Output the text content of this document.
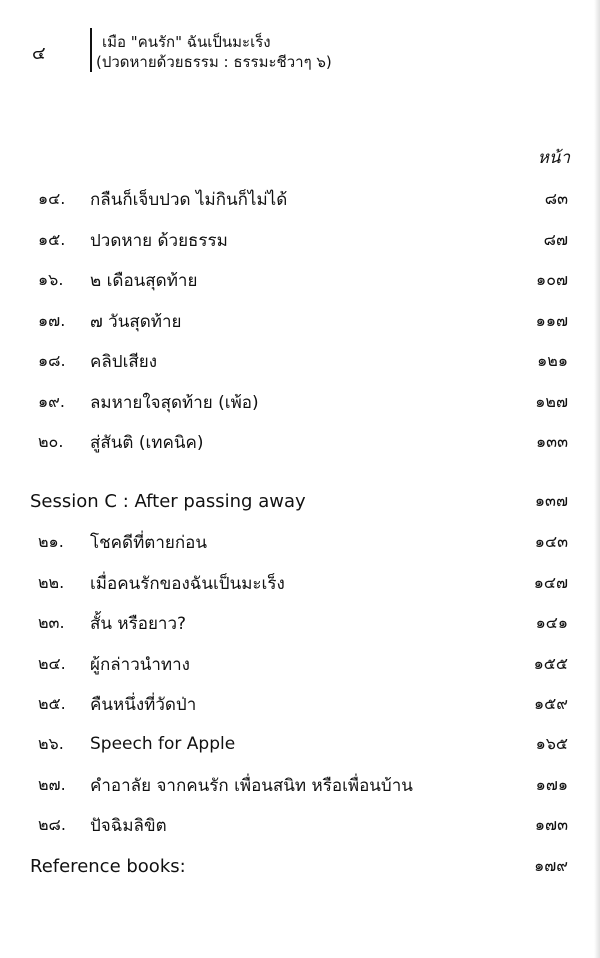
๔
เมือ "คนรัก" ฉันเป็นมะเร็ง
(ปวดหายด้วยธรรม : ธรรมะชีวาๆ ๖)
หน้า
๑๔.	กลืนก็เจ็บปวด ไม่กินก็ไม่ได้	๘๓
๑๕.	ปวดหาย ด้วยธรรม	๘๗
๑๖.	๒ เดือนสุดท้าย	๑๐๗
๑๗.	๗ วันสุดท้าย	๑๑๗
๑๘.	คลิปเสียง	๑๒๑
๑๙.	ลมหายใจสุดท้าย (เพ้อ)	๑๒๗
๒๐.	สู่สันติ (เทคนิค)	๑๓๓
Session C : After passing away	๑๓๗
๒๑.	โชคดีที่ตายก่อน	๑๔๓
๒๒.	เมื่อคนรักของฉันเป็นมะเร็ง	๑๔๗
๒๓.	สั้น หรือยาว?	๑๔๑
๒๔.	ผู้กล่าวนำทาง	๑๕๕
๒๕.	คืนหนึ่งที่วัดป่า	๑๕๙
๒๖.	Speech for Apple	๑๖๕
๒๗.	คำอาลัย จากคนรัก เพื่อนสนิท หรือเพื่อนบ้าน	๑๗๑
๒๘.	ปัจฉิมลิขิต	๑๗๓
Reference books:	๑๗๙
